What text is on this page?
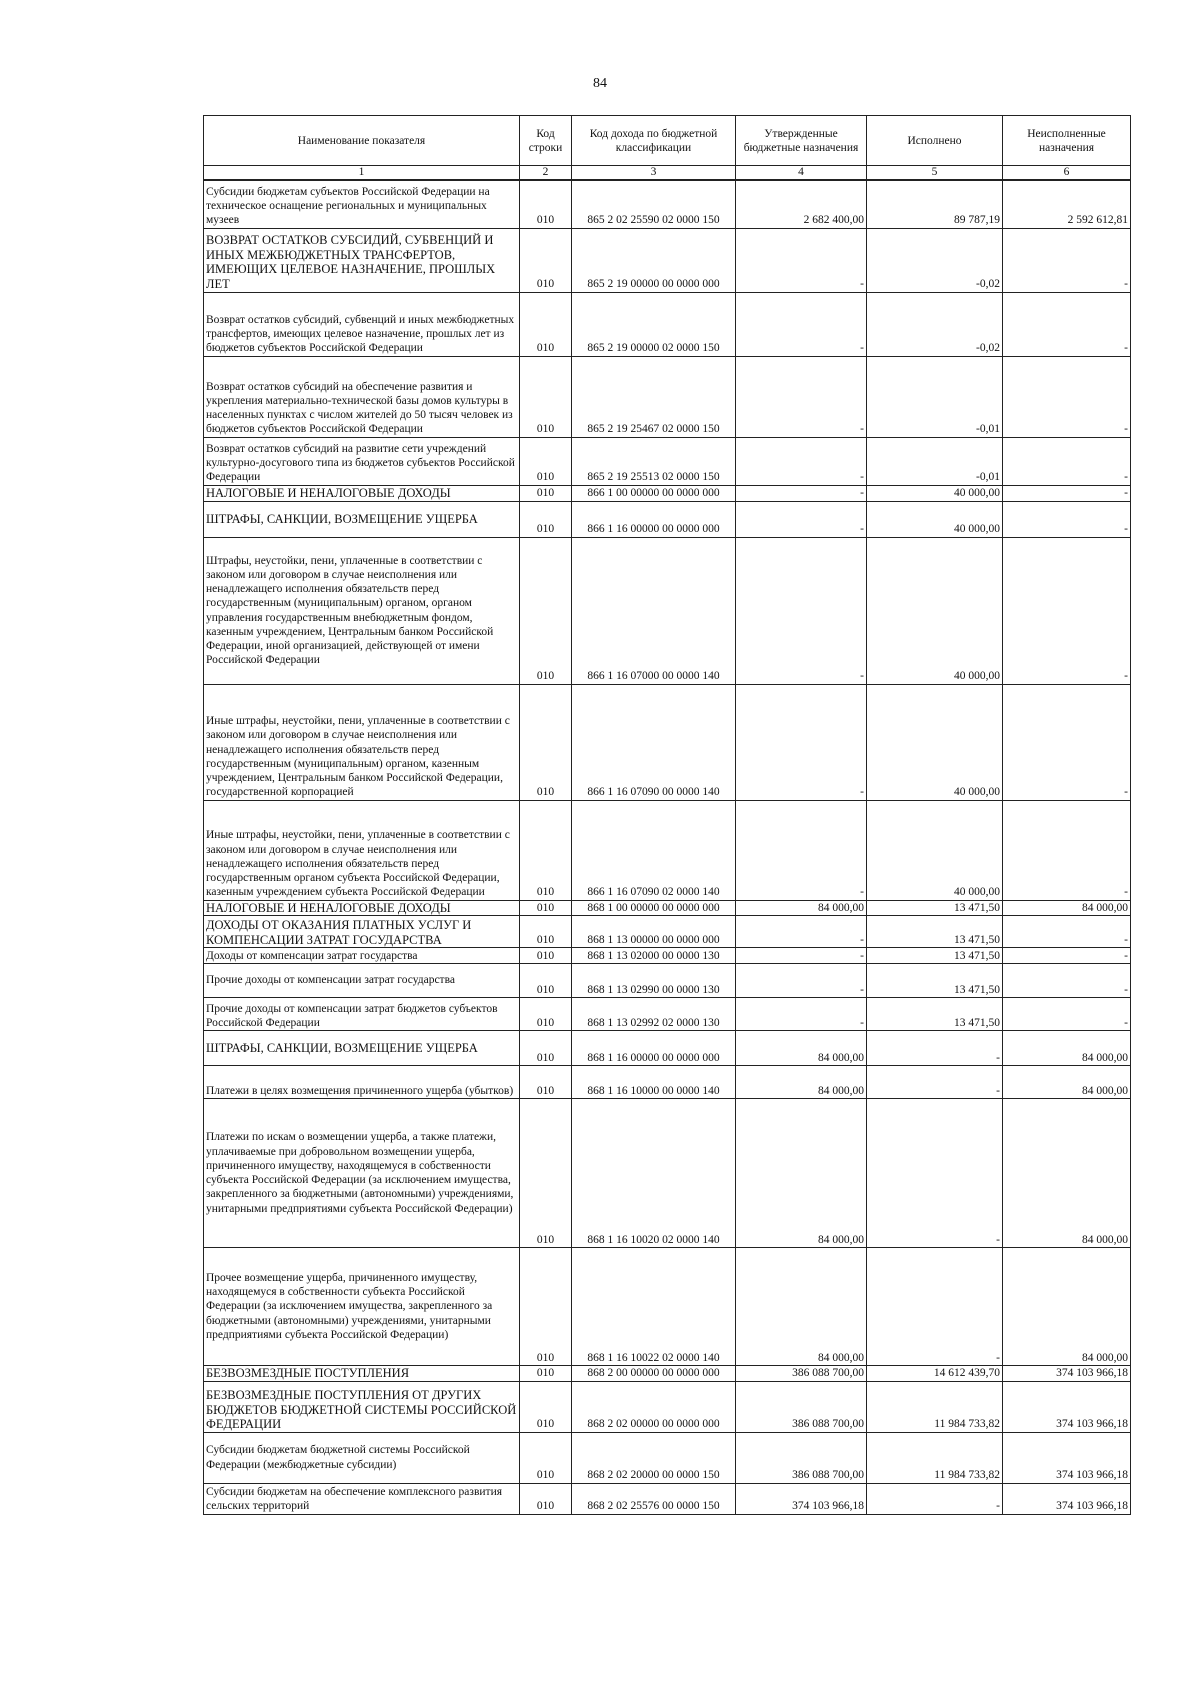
84
Наименование показателя	Код строки	Код дохода по бюджетной классификации	Утвержденные бюджетные назначения	Исполнено	Неисполненные назначения
1	2	3	4	5	6
Субсидии бюджетам субъектов Российской Федерации на техническое оснащение региональных и муниципальных музеев	010	865 2 02 25590 02 0000 150	2 682 400,00	89 787,19	2 592 612,81
ВОЗВРАТ ОСТАТКОВ СУБСИДИЙ, СУБВЕНЦИЙ И ИНЫХ МЕЖБЮДЖЕТНЫХ ТРАНСФЕРТОВ, ИМЕЮЩИХ ЦЕЛЕВОЕ НАЗНАЧЕНИЕ, ПРОШЛЫХ ЛЕТ	010	865 2 19 00000 00 0000 000	-	-0,02	-
Возврат остатков субсидий, субвенций и иных межбюджетных трансфертов, имеющих целевое назначение, прошлых лет из бюджетов субъектов Российской Федерации	010	865 2 19 00000 02 0000 150	-	-0,02	-
Возврат остатков субсидий на обеспечение развития и укрепления материально-технической базы домов культуры в населенных пунктах с числом жителей до 50 тысяч человек из бюджетов субъектов Российской Федерации	010	865 2 19 25467 02 0000 150	-	-0,01	-
Возврат остатков субсидий на развитие сети учреждений культурно-досугового типа из бюджетов субъектов Российской Федерации	010	865 2 19 25513 02 0000 150	-	-0,01	-
НАЛОГОВЫЕ И НЕНАЛОГОВЫЕ ДОХОДЫ	010	866 1 00 00000 00 0000 000	-	40 000,00	-
ШТРАФЫ, САНКЦИИ, ВОЗМЕЩЕНИЕ УЩЕРБА	010	866 1 16 00000 00 0000 000	-	40 000,00	-
Штрафы, неустойки, пени, уплаченные в соответствии с законом или договором в случае неисполнения или ненадлежащего исполнения обязательств перед государственным (муниципальным) органом, органом управления государственным внебюджетным фондом, казенным учреждением, Центральным банком Российской Федерации, иной организацией, действующей от имени Российской Федерации	010	866 1 16 07000 00 0000 140	-	40 000,00	-
Иные штрафы, неустойки, пени, уплаченные в соответствии с законом или договором в случае неисполнения или ненадлежащего исполнения обязательств перед государственным (муниципальным) органом, казенным учреждением, Центральным банком Российской Федерации, государственной корпорацией	010	866 1 16 07090 00 0000 140	-	40 000,00	-
Иные штрафы, неустойки, пени, уплаченные в соответствии с законом или договором в случае неисполнения или ненадлежащего исполнения обязательств перед государственным органом субъекта Российской Федерации, казенным учреждением субъекта Российской Федерации	010	866 1 16 07090 02 0000 140	-	40 000,00	-
НАЛОГОВЫЕ И НЕНАЛОГОВЫЕ ДОХОДЫ	010	868 1 00 00000 00 0000 000	84 000,00	13 471,50	84 000,00
ДОХОДЫ ОТ ОКАЗАНИЯ ПЛАТНЫХ УСЛУГ И КОМПЕНСАЦИИ ЗАТРАТ ГОСУДАРСТВА	010	868 1 13 00000 00 0000 000	-	13 471,50	-
Доходы от компенсации затрат государства	010	868 1 13 02000 00 0000 130	-	13 471,50	-
Прочие доходы от компенсации затрат государства	010	868 1 13 02990 00 0000 130	-	13 471,50	-
Прочие доходы от компенсации затрат бюджетов субъектов Российской Федерации	010	868 1 13 02992 02 0000 130	-	13 471,50	-
ШТРАФЫ, САНКЦИИ, ВОЗМЕЩЕНИЕ УЩЕРБА	010	868 1 16 00000 00 0000 000	84 000,00	-	84 000,00
Платежи в целях возмещения причиненного ущерба (убытков)	010	868 1 16 10000 00 0000 140	84 000,00	-	84 000,00
Платежи по искам о возмещении ущерба, а также платежи, уплачиваемые при добровольном возмещении ущерба, причиненного имуществу, находящемуся в собственности субъекта Российской Федерации (за исключением имущества, закрепленного за бюджетными (автономными) учреждениями, унитарными предприятиями субъекта Российской Федерации)	010	868 1 16 10020 02 0000 140	84 000,00	-	84 000,00
Прочее возмещение ущерба, причиненного имуществу, находящемуся в собственности субъекта Российской Федерации (за исключением имущества, закрепленного за бюджетными (автономными) учреждениями, унитарными предприятиями субъекта Российской Федерации)	010	868 1 16 10022 02 0000 140	84 000,00	-	84 000,00
БЕЗВОЗМЕЗДНЫЕ ПОСТУПЛЕНИЯ	010	868 2 00 00000 00 0000 000	386 088 700,00	14 612 439,70	374 103 966,18
БЕЗВОЗМЕЗДНЫЕ ПОСТУПЛЕНИЯ ОТ ДРУГИХ БЮДЖЕТОВ БЮДЖЕТНОЙ СИСТЕМЫ РОССИЙСКОЙ ФЕДЕРАЦИИ	010	868 2 02 00000 00 0000 000	386 088 700,00	11 984 733,82	374 103 966,18
Субсидии бюджетам бюджетной системы Российской Федерации (межбюджетные субсидии)	010	868 2 02 20000 00 0000 150	386 088 700,00	11 984 733,82	374 103 966,18
Субсидии бюджетам на обеспечение комплексного развития сельских территорий	010	868 2 02 25576 00 0000 150	374 103 966,18	-	374 103 966,18
